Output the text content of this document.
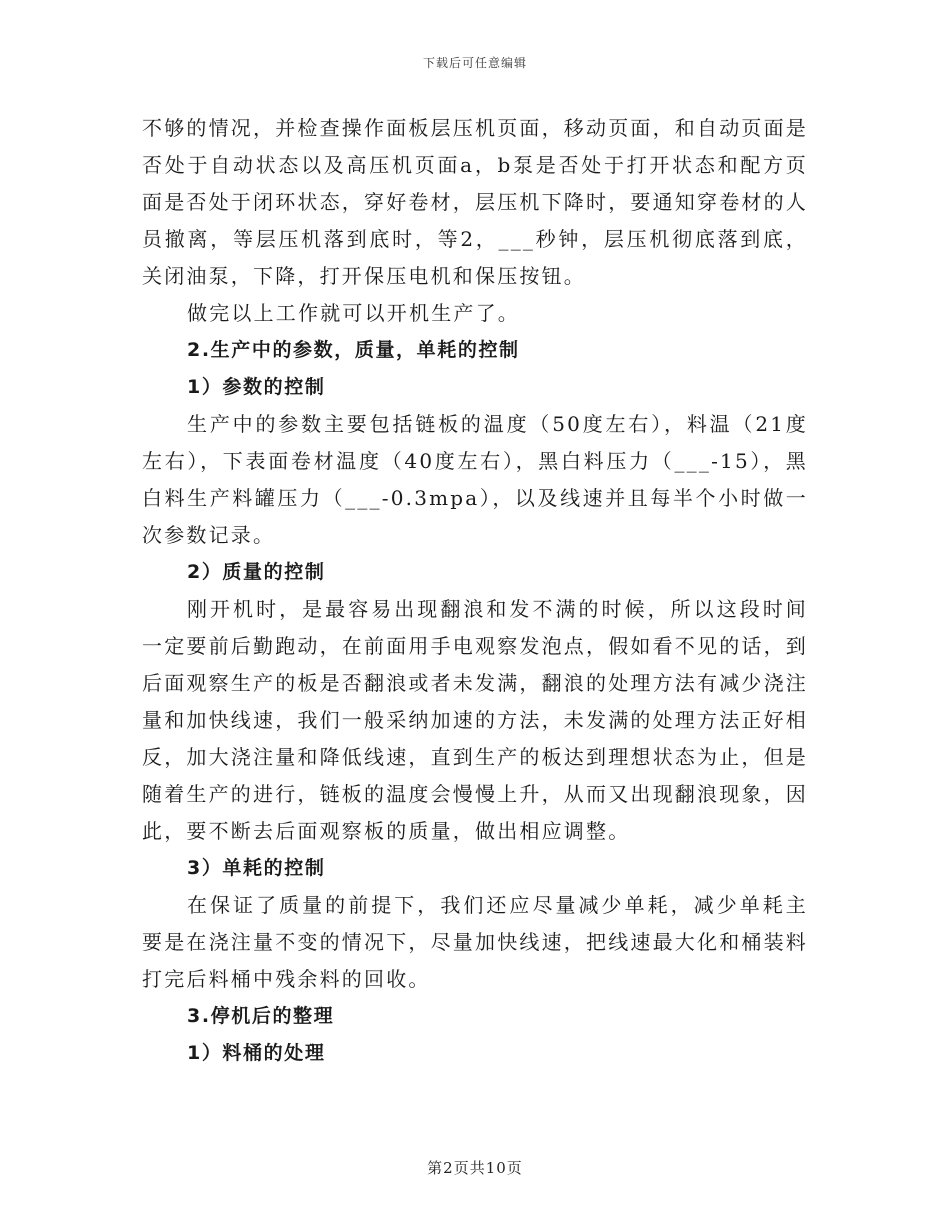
下载后可任意编辑

不够的情况，并检查操作面板层压机页面，移动页面，和自动页面是否处于自动状态以及高压机页面a，b泵是否处于打开状态和配方页面是否处于闭环状态，穿好卷材，层压机下降时，要通知穿卷材的人员撤离，等层压机落到底时，等2，___秒钟，层压机彻底落到底，关闭油泵，下降，打开保压电机和保压按钮。

做完以上工作就可以开机生产了。

2.生产中的参数，质量，单耗的控制
1）参数的控制

生产中的参数主要包括链板的温度（50度左右），料温（21度左右），下表面卷材温度（40度左右），黑白料压力（___-15），黑白料生产料罐压力（___-0.3mpa），以及线速并且每半个小时做一次参数记录。

2）质量的控制

刚开机时，是最容易出现翻浪和发不满的时候，所以这段时间一定要前后勤跑动，在前面用手电观察发泡点，假如看不见的话，到后面观察生产的板是否翻浪或者未发满，翻浪的处理方法有减少浇注量和加快线速，我们一般采纳加速的方法，未发满的处理方法正好相反，加大浇注量和降低线速，直到生产的板达到理想状态为止，但是随着生产的进行，链板的温度会慢慢上升，从而又出现翻浪现象，因此，要不断去后面观察板的质量，做出相应调整。

3）单耗的控制

在保证了质量的前提下，我们还应尽量减少单耗，减少单耗主要是在浇注量不变的情况下，尽量加快线速，把线速最大化和桶装料打完后料桶中残余料的回收。

3.停机后的整理
1）料桶的处理
第2页共10页
